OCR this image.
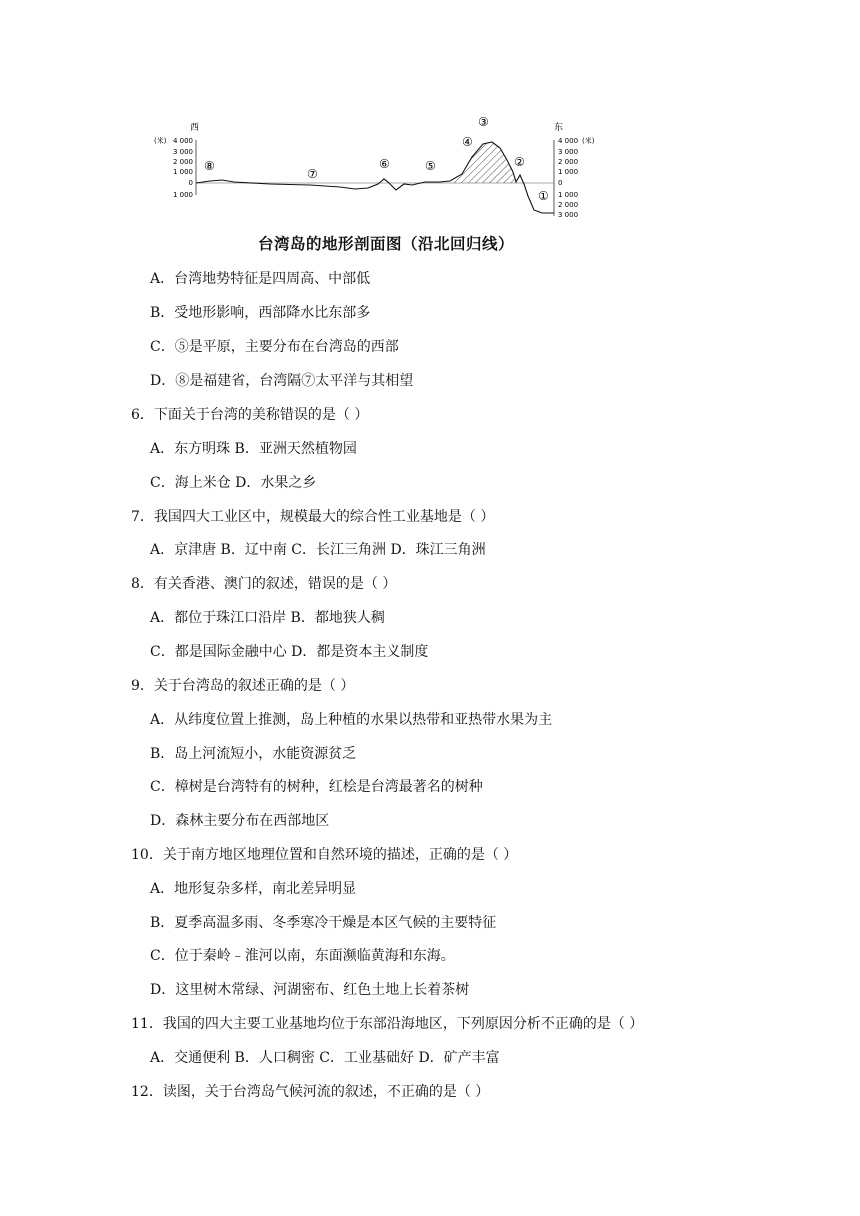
西	东
(米) 4 000
3 000
2 000
1 000
0
1 000
4 000 (米)
3 000
2 000
1 000
0
1 000
2 000
3 000
①
②
③
④
⑤
⑥
⑦
⑧
台湾岛的地形剖面图（沿北回归线）
A．台湾地势特征是四周高、中部低
B．受地形影响，西部降水比东部多
C．⑤是平原，主要分布在台湾岛的西部
D．⑧是福建省，台湾隔⑦太平洋与其相望
6．下面关于台湾的美称错误的是（ ）
A．东方明珠 B．亚洲天然植物园
C．海上米仓 D．水果之乡
7．我国四大工业区中，规模最大的综合性工业基地是（ ）
A．京津唐 B．辽中南 C．长江三角洲 D．珠江三角洲
8．有关香港、澳门的叙述，错误的是（ ）
A．都位于珠江口沿岸 B．都地狭人稠
C．都是国际金融中心 D．都是资本主义制度
9．关于台湾岛的叙述正确的是（ ）
A．从纬度位置上推测，岛上种植的水果以热带和亚热带水果为主
B．岛上河流短小，水能资源贫乏
C．樟树是台湾特有的树种，红桧是台湾最著名的树种
D．森林主要分布在西部地区
10．关于南方地区地理位置和自然环境的描述，正确的是（ ）
A．地形复杂多样，南北差异明显
B．夏季高温多雨、冬季寒冷干燥是本区气候的主要特征
C．位于秦岭﹣淮河以南，东面濒临黄海和东海。
D．这里树木常绿、河湖密布、红色土地上长着茶树
11．我国的四大主要工业基地均位于东部沿海地区，下列原因分析不正确的是（ ）
A．交通便利 B．人口稠密 C．工业基础好 D．矿产丰富
12．读图，关于台湾岛气候河流的叙述，不正确的是（ ）
